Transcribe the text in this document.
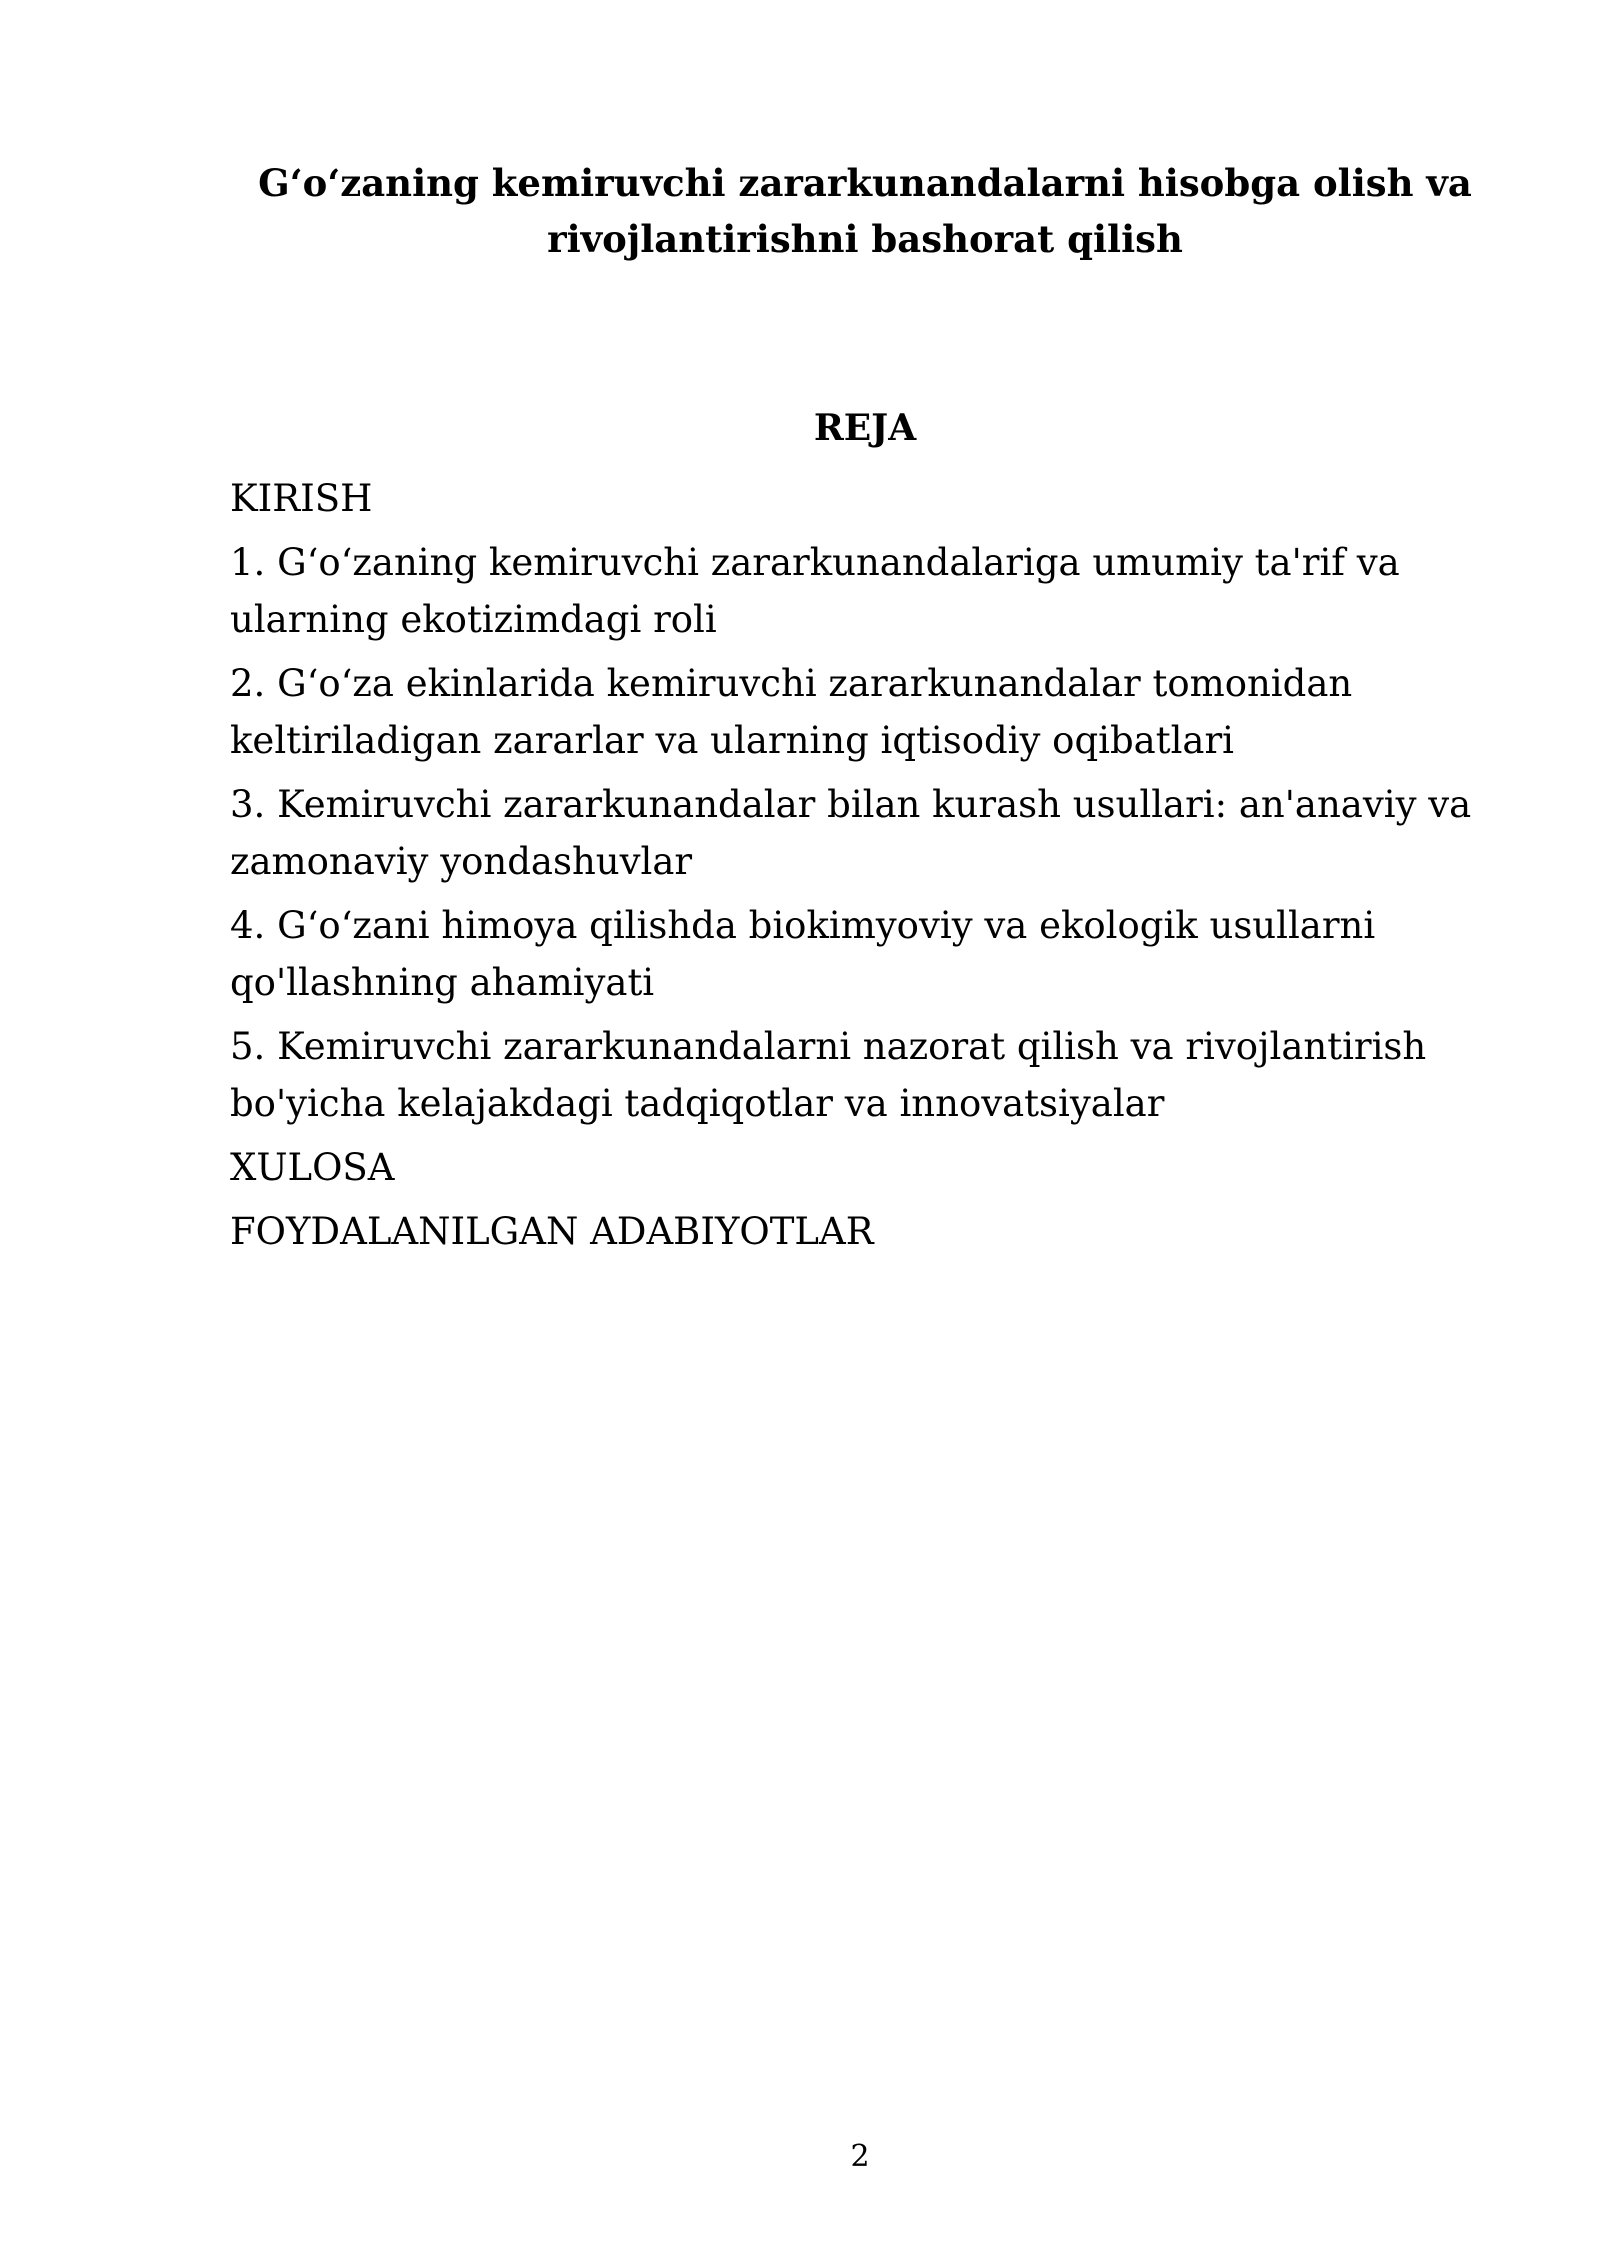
G‘o‘zaning kemiruvchi zararkunandalarni hisobga olish va rivojlantirishni bashorat qilish
REJA
KIRISH
1. G‘o‘zaning kemiruvchi zararkunandalariga umumiy ta'rif va ularning ekotizimdagi roli
2. G‘o‘za ekinlarida kemiruvchi zararkunandalar tomonidan keltiriladigan zararlar va ularning iqtisodiy oqibatlari
3. Kemiruvchi zararkunandalar bilan kurash usullari: an'anaviy va zamonaviy yondashuvlar
4. G‘o‘zani himoya qilishda biokimyoviy va ekologik usullarni qo'llashning ahamiyati
5. Kemiruvchi zararkunandalarni nazorat qilish va rivojlantirish bo'yicha kelajakdagi tadqiqotlar va innovatsiyalar
XULOSA
FOYDALANILGAN ADABIYOTLAR
2
